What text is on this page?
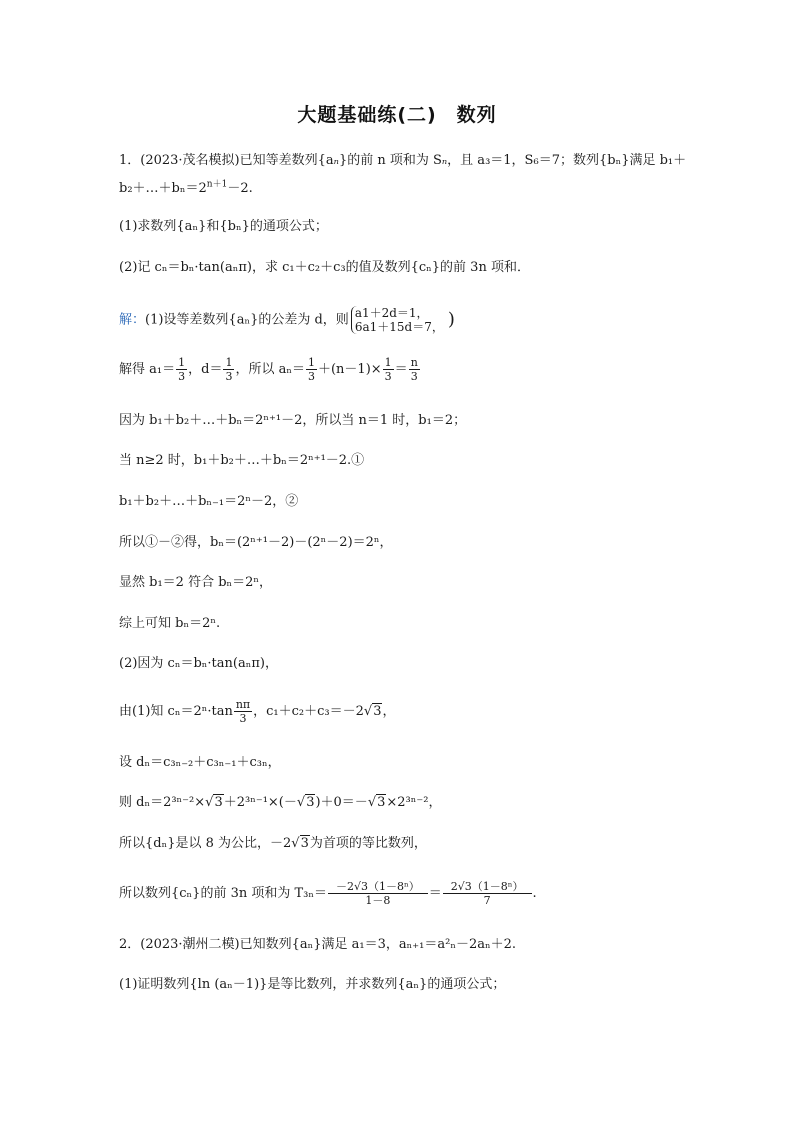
大题基础练(二)　数列
1．(2023·茂名模拟)已知等差数列{aₙ}的前 n 项和为 Sₙ，且 a₃＝1，S₆＝7；数列{bₙ}满足 b₁＋
$b_2+\dots+b_n=2^{n+1}-2$.
(1)求数列{aₙ}和{bₙ}的通项公式；
(2)记 cₙ＝bₙ·tan(aₙπ)，求 c₁＋c₂＋c₃的值及数列{cₙ}的前 3n 项和．
解：(1)设等差数列{aₙ}的公差为 d，则 a1＋2d＝1，
6a1＋15d＝7， )
解得 $a_1= \frac{1}{3}$ ，$d= \frac{1}{3}$ ，所以 $a_n= \frac{1}{3} +(n-1)\times \frac{1}{3} = \frac{n}{3}$
因为 b₁＋b₂＋…＋bₙ＝2ⁿ⁺¹－2，所以当 n＝1 时，b₁＝2；
当 n≥2 时，b₁＋b₂＋…＋bₙ＝2ⁿ⁺¹－2.①
b₁＋b₂＋…＋bₙ₋₁＝2ⁿ－2，②
所以①－②得，bₙ＝(2ⁿ⁺¹－2)－(2ⁿ－2)＝2ⁿ，
显然 b₁＝2 符合 bₙ＝2ⁿ，
综上可知 bₙ＝2ⁿ.
(2)因为 cₙ＝bₙ·tan(aₙπ)，
由(1)知 $c_n=2^n\cdot\tan \frac{n\pi}{3}$ ，c₁＋c₂＋c₃＝－2√3，
设 dₙ＝c₃ₙ₋₂＋c₃ₙ₋₁＋c₃ₙ，
则 dₙ＝2³ⁿ⁻²×√3＋2³ⁿ⁻¹×(－√3)＋0＝－√3×2³ⁿ⁻²，
所以{dₙ}是以 8 为公比，－2√3为首项的等比数列，
所以数列{cₙ}的前 3n 项和为 $T_{3n}= \frac{\text{－2√3（1－8ⁿ）}}{1-8} = \frac{\text{2√3（1－8ⁿ）}}{7}$ .
2．(2023·潮州二模)已知数列{aₙ}满足 a₁＝3，aₙ₊₁＝a²ₙ－2aₙ＋2.
(1)证明数列{ln (aₙ－1)}是等比数列，并求数列{aₙ}的通项公式；
